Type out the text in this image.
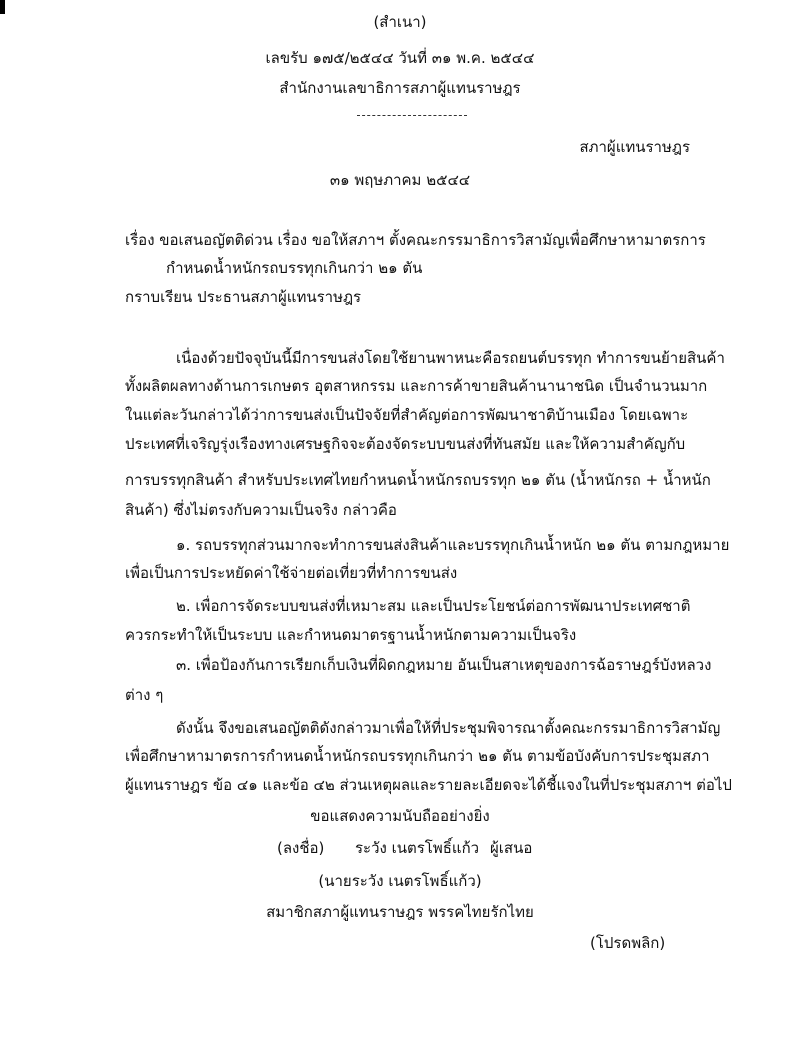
(สำเนา)
เลขรับ ๑๗๕/๒๕๔๔ วันที่ ๓๑ พ.ค. ๒๕๔๔
สำนักงานเลขาธิการสภาผู้แทนราษฎร
สภาผู้แทนราษฎร
๓๑ พฤษภาคม ๒๕๔๔
เรื่อง ขอเสนอญัตติด่วน เรื่อง ขอให้สภาฯ ตั้งคณะกรรมาธิการวิสามัญเพื่อศึกษาหามาตรการ
กำหนดน้ำหนักรถบรรทุกเกินกว่า ๒๑ ตัน
กราบเรียน ประธานสภาผู้แทนราษฎร
เนื่องด้วยปัจจุบันนี้มีการขนส่งโดยใช้ยานพาหนะคือรถยนต์บรรทุก ทำการขนย้ายสินค้า
ทั้งผลิตผลทางด้านการเกษตร อุตสาหกรรม และการค้าขายสินค้านานาชนิด เป็นจำนวนมาก
ในแต่ละวันกล่าวได้ว่าการขนส่งเป็นปัจจัยที่สำคัญต่อการพัฒนาชาติบ้านเมือง โดยเฉพาะ
ประเทศที่เจริญรุ่งเรืองทางเศรษฐกิจจะต้องจัดระบบขนส่งที่ทันสมัย และให้ความสำคัญกับ
การบรรทุกสินค้า สำหรับประเทศไทยกำหนดน้ำหนักรถบรรทุก ๒๑ ตัน (น้ำหนักรถ + น้ำหนัก
สินค้า) ซึ่งไม่ตรงกับความเป็นจริง กล่าวคือ
๑. รถบรรทุกส่วนมากจะทำการขนส่งสินค้าและบรรทุกเกินน้ำหนัก ๒๑ ตัน ตามกฎหมาย
เพื่อเป็นการประหยัดค่าใช้จ่ายต่อเที่ยวที่ทำการขนส่ง
๒. เพื่อการจัดระบบขนส่งที่เหมาะสม และเป็นประโยชน์ต่อการพัฒนาประเทศชาติ
ควรกระทำให้เป็นระบบ และกำหนดมาตรฐานน้ำหนักตามความเป็นจริง
๓. เพื่อป้องกันการเรียกเก็บเงินที่ผิดกฎหมาย อันเป็นสาเหตุของการฉ้อราษฎร์บังหลวง
ต่าง ๆ
ดังนั้น จึงขอเสนอญัตติดังกล่าวมาเพื่อให้ที่ประชุมพิจารณาตั้งคณะกรรมาธิการวิสามัญ
เพื่อศึกษาหามาตรการกำหนดน้ำหนักรถบรรทุกเกินกว่า ๒๑ ตัน ตามข้อบังคับการประชุมสภา
ผู้แทนราษฎร ข้อ ๔๑ และข้อ ๔๒ ส่วนเหตุผลและรายละเอียดจะได้ชี้แจงในที่ประชุมสภาฯ ต่อไป
ขอแสดงความนับถืออย่างยิ่ง
(ลงชื่อ) ระวัง เนตรโพธิ์แก้ว ผู้เสนอ
(นายระวัง เนตรโพธิ์แก้ว)
สมาชิกสภาผู้แทนราษฎร พรรคไทยรักไทย
(โปรดพลิก)
